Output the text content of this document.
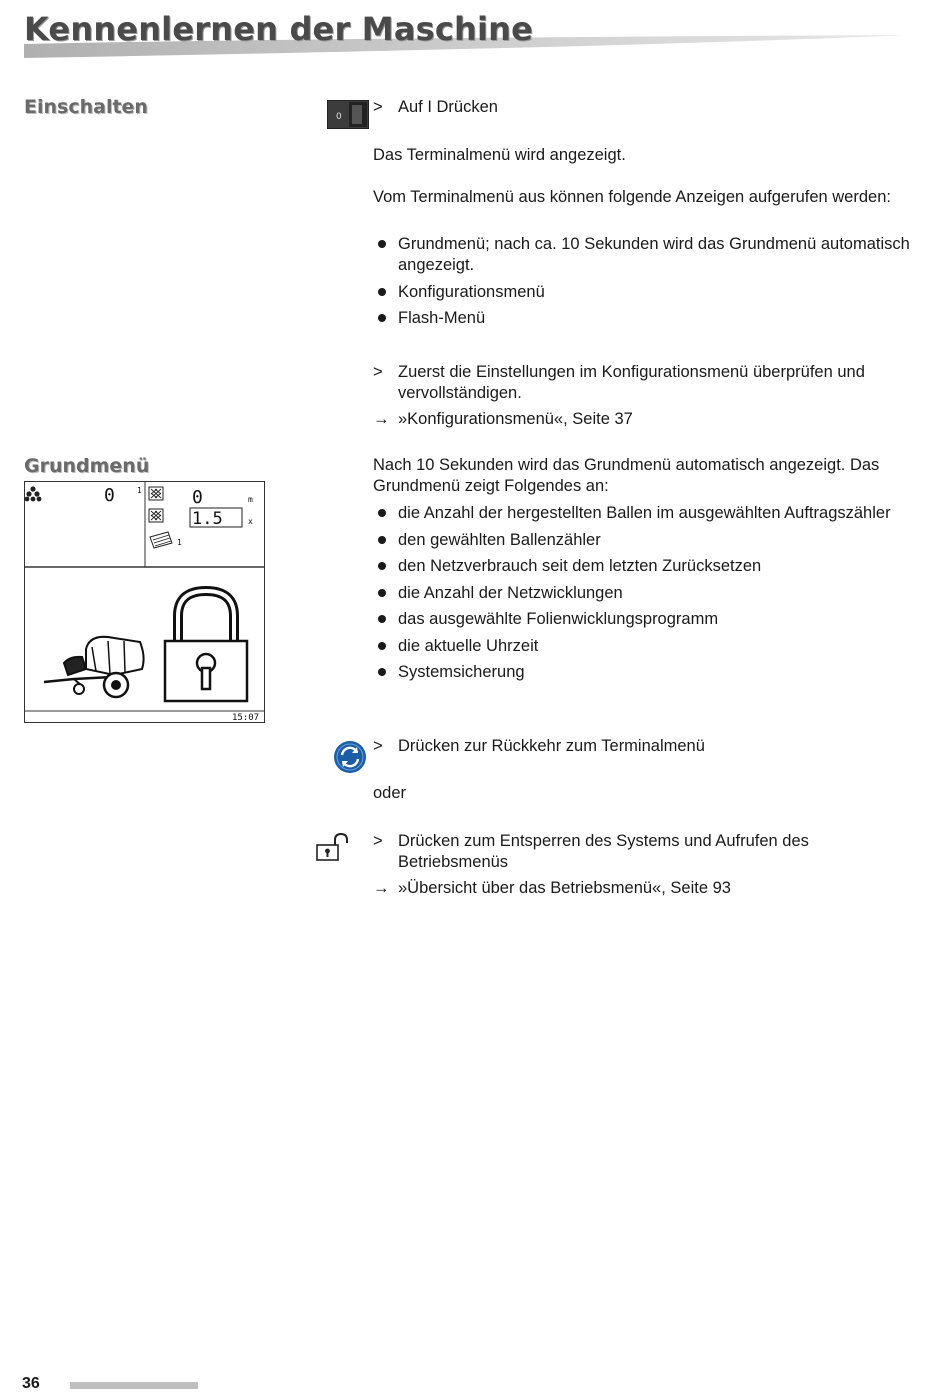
Kennenlernen der Maschine
Einschalten	0
> Auf I Drücken
Das Terminalmenü wird angezeigt.
Vom Terminalmenü aus können folgende Anzeigen aufgerufen werden:
Grundmenü; nach ca. 10 Sekunden wird das Grundmenü automatisch angezeigt.
Konfigurationsmenü
Flash-Menü
> Zuerst die Einstellungen im Konfigurationsmenü überprüfen und vervollständigen.
→ »Konfigurationsmenü«, Seite 37
Grundmenü
0	1	0	m
1.5	x
1
15:07
Nach 10 Sekunden wird das Grundmenü automatisch angezeigt. Das Grundmenü zeigt Folgendes an:
die Anzahl der hergestellten Ballen im ausgewählten Auftragszähler
den gewählten Ballenzähler
den Netzverbrauch seit dem letzten Zurücksetzen
die Anzahl der Netzwicklungen
das ausgewählte Folienwicklungsprogramm
die aktuelle Uhrzeit
Systemsicherung
> Drücken zur Rückkehr zum Terminalmenü
oder
> Drücken zum Entsperren des Systems und Aufrufen des Betriebsmenüs
→ »Übersicht über das Betriebsmenü«, Seite 93

36
